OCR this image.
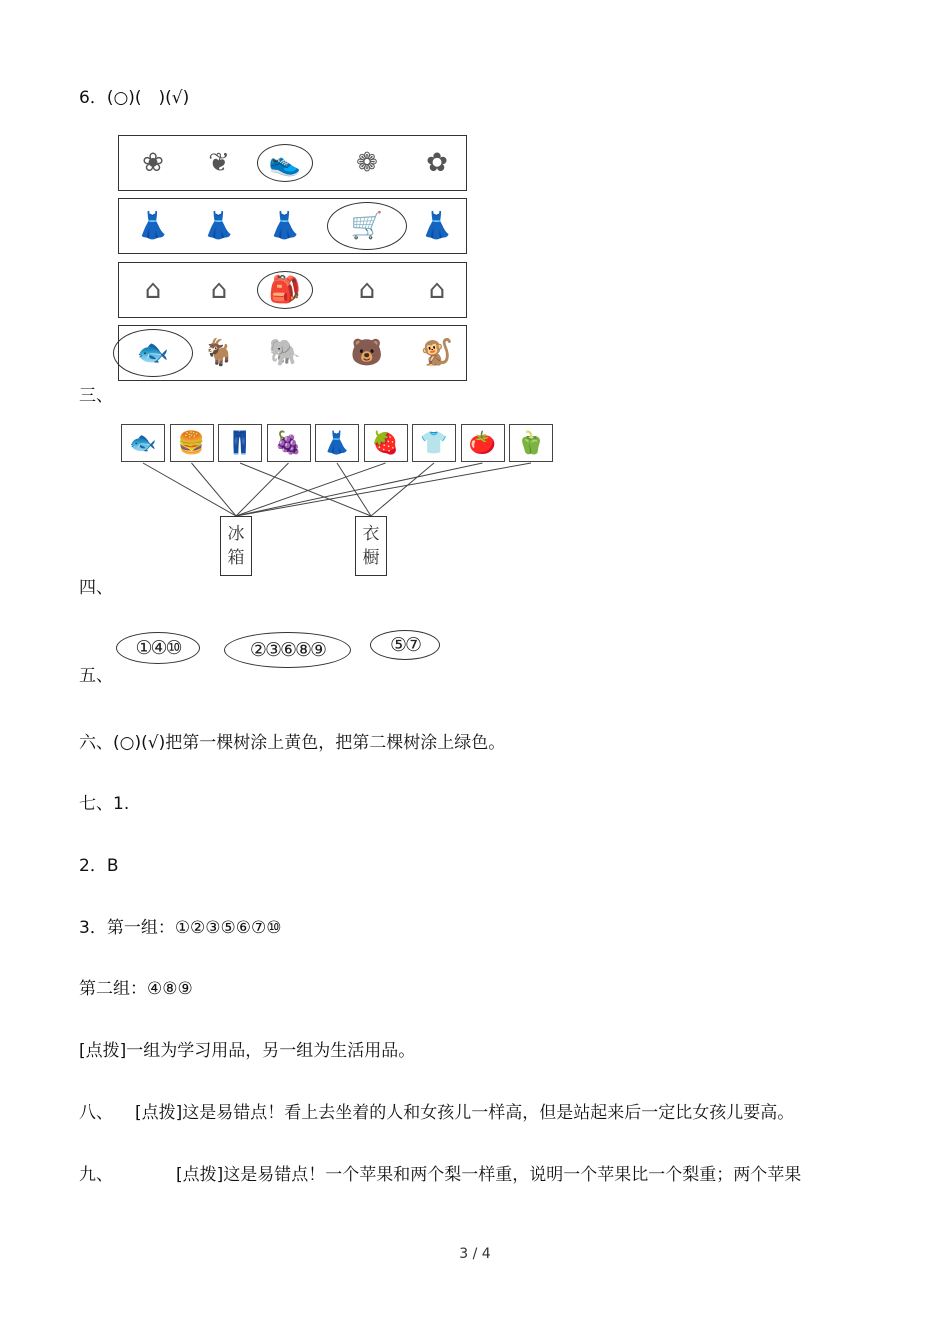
6．(○)(　)(√)
❀ ❦ 👟 ❁ ✿
👗 👗 👗 🛒 👗
⌂ ⌂ 🎒 ⌂ ⌂
🐟 🐐 🐘 🐻 🐒
三、
🐟 🍔 👖 🍇 👗 🍓 👕 🍅 🫑
冰
箱
衣
橱
四、
①④⑩	②③⑥⑧⑨	⑤⑦
五、
六、(○)(√)把第一棵树涂上黄色，把第二棵树涂上绿色。
七、1.
2．B
3．第一组：①②③⑤⑥⑦⑩
第二组：④⑧⑨
[点拨]一组为学习用品，另一组为生活用品。
八、 [点拨]这是易错点！看上去坐着的人和女孩儿一样高，但是站起来后一定比女孩儿要高。
九、	[点拨]这是易错点！一个苹果和两个梨一样重，说明一个苹果比一个梨重；两个苹果
3 / 4
